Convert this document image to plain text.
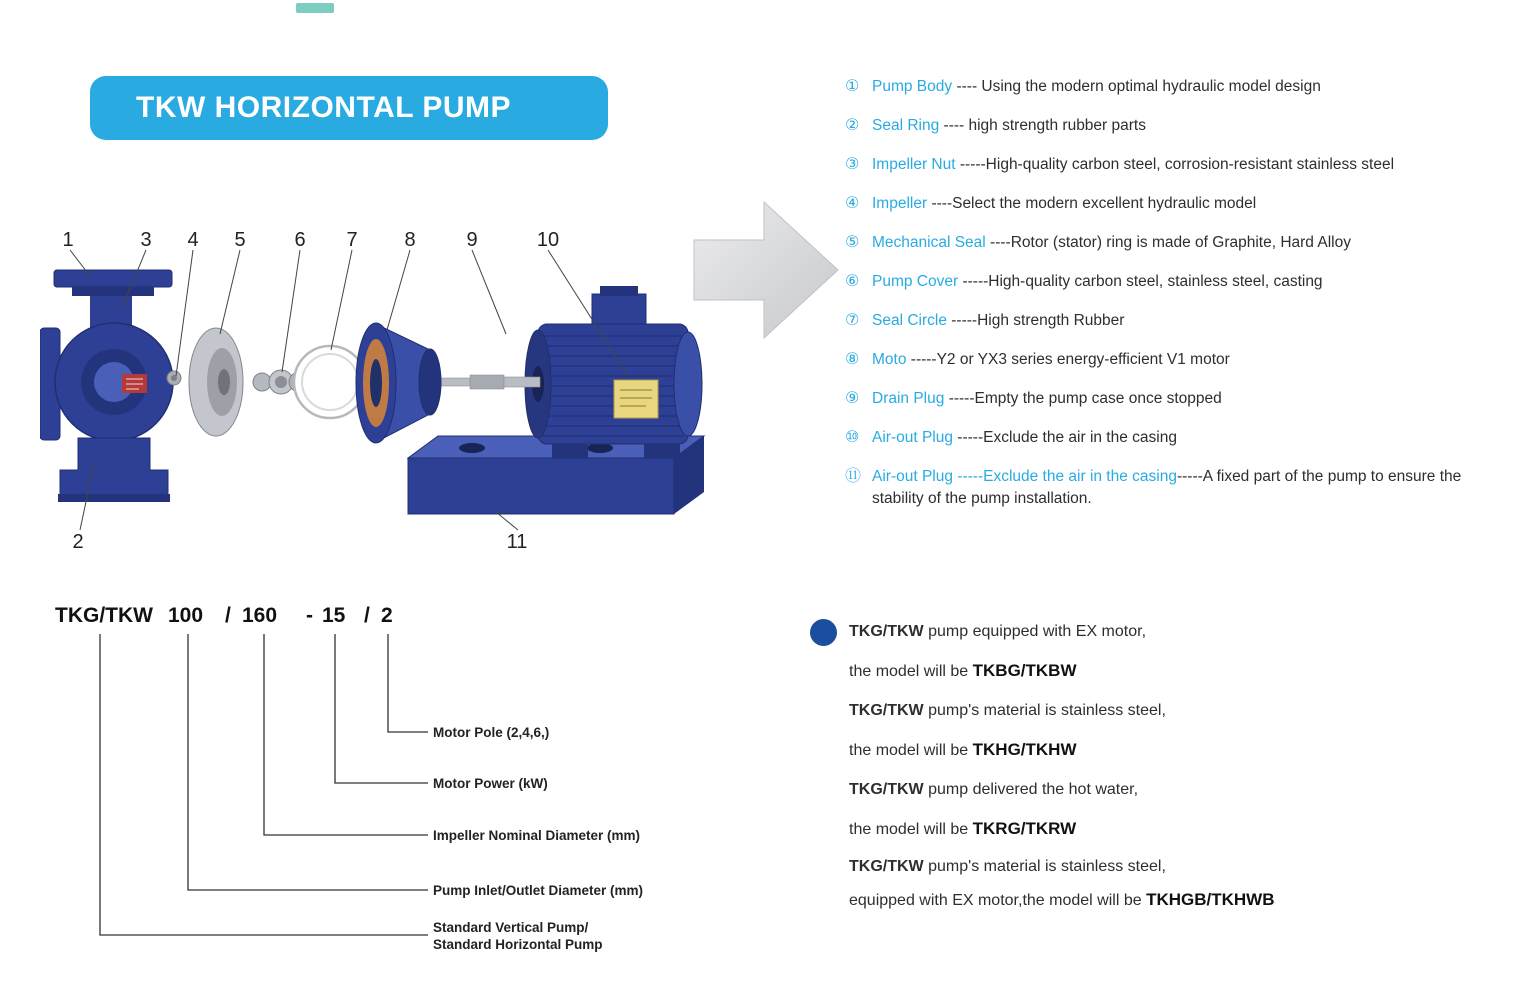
TKW HORIZONTAL PUMP
1	3 4 5 6 7 8	9	10
2	11
① Pump Body ---- Using the modern optimal hydraulic model design
② Seal Ring ---- high strength rubber parts
③ Impeller Nut -----High-quality carbon steel, corrosion-resistant stainless steel
④ Impeller ----Select the modern excellent hydraulic model
⑤ Mechanical Seal ----Rotor (stator) ring is made of Graphite, Hard Alloy
⑥ Pump Cover -----High-quality carbon steel, stainless steel, casting
⑦ Seal Circle -----High strength Rubber
⑧ Moto -----Y2 or YX3 series energy-efficient V1 motor
⑨ Drain Plug -----Empty the pump case once stopped
⑩ Air-out Plug -----Exclude the air in the casing
⑪ Air-out Plug -----Exclude the air in the casing-----A fixed part of the pump to ensure the stability of the pump installation.
TKG/TKW 100 / 160 - 15 / 2
Motor Pole (2,4,6,)
Motor Power (kW)
Impeller Nominal Diameter (mm)
Pump Inlet/Outlet Diameter (mm)
Standard Vertical Pump/
Standard Horizontal Pump
TKG/TKW pump equipped with EX motor,
the model will be TKBG/TKBW
TKG/TKW pump's material is stainless steel,
the model will be TKHG/TKHW
TKG/TKW pump delivered the hot water,
the model will be TKRG/TKRW
TKG/TKW pump's material is stainless steel,
equipped with EX motor,the model will be TKHGB/TKHWB
